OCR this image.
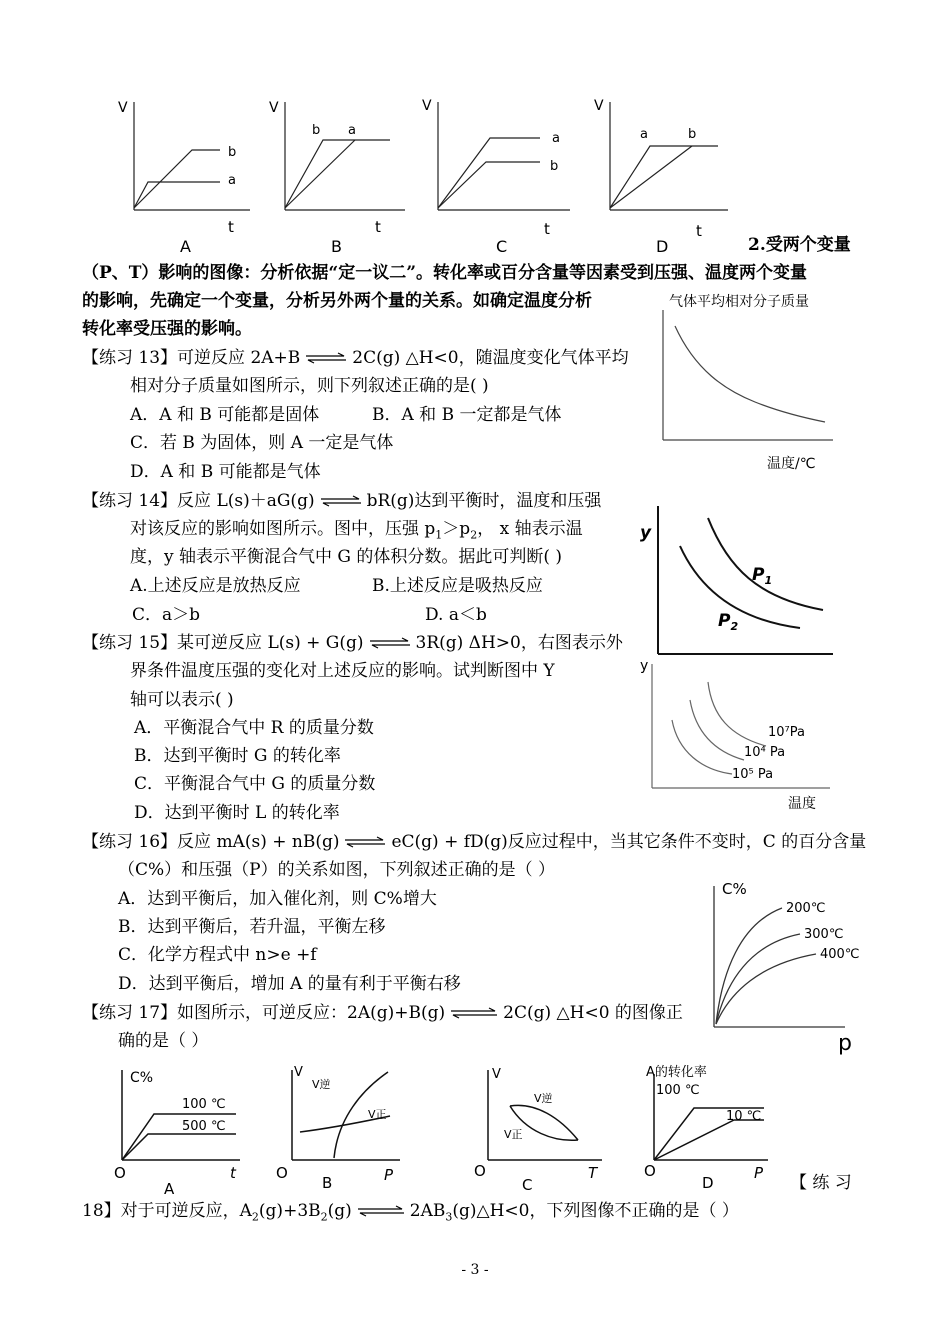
V
t
b
a
A
V
t
b a
B
V
t
a
b
C
V
t
a	b
D	2.受两个变量
（P、T）影响的图像：分析依据“定一议二”。转化率或百分含量等因素受到压强、温度两个变量
的影响，先确定一个变量，分析另外两个量的关系。如确定温度分析
转化率受压强的影响。
气体平均相对分子质量
温度/℃
【练习 13】可逆反应 2A+B ⇌ 2C(g) △H<0，随温度变化气体平均
相对分子质量如图所示，则下列叙述正确的是( )
A．A 和 B 可能都是固体	B．A 和 B 一定都是气体
C．若 B 为固体，则 A 一定是气体
D．A 和 B 可能都是气体
y
$P_1$
$P_2$
【练习 14】反应 L(s)＋aG(g) ⇌ bR(g)达到平衡时，温度和压强
对该反应的影响如图所示。图中，压强 $p_1>p_2$， x 轴表示温
度，y 轴表示平衡混合气中 G 的体积分数。据此可判断( )
A.上述反应是放热反应	B.上述反应是吸热反应
C．a＞b	D. a＜b
y
温度
10⁷Pa
10⁴ Pa
10⁵ Pa
【练习 15】某可逆反应 L(s) + G(g) ⇌ 3R(g) ΔH>0，右图表示外
界条件温度压强的变化对上述反应的影响。试判断图中 Y
轴可以表示( )
A．平衡混合气中 R 的质量分数
B．达到平衡时 G 的转化率
C．平衡混合气中 G 的质量分数
D．达到平衡时 L 的转化率
【练习 16】反应 mA(s) + nB(g) ⇌ eC(g) + fD(g)反应过程中，当其它条件不变时，C 的百分含量
（C%）和压强（P）的关系如图，下列叙述正确的是（ ）
A．达到平衡后，加入催化剂，则 C%增大
B．达到平衡后，若升温，平衡左移
C．化学方程式中 n>e +f
D．达到平衡后，增加 A 的量有利于平衡右移
C%
p
200℃
300℃
400℃
【练习 17】如图所示，可逆反应：2A(g)+B(g) ⇌ 2C(g) △H<0 的图像正
确的是（ ）
C%
100 ℃
500 ℃
O	t
A
V
V逆
V正
O	P
B
V
V逆
V正
O	T
C
A的转化率
100 ℃
10 ℃
O	P
D	【 练 习
18】对于可逆反应，$A_2(g)+3B_2(g)$ ⇌ $2AB_3(g)\triangle H<0$，下列图像不正确的是（ ）
- 3 -
